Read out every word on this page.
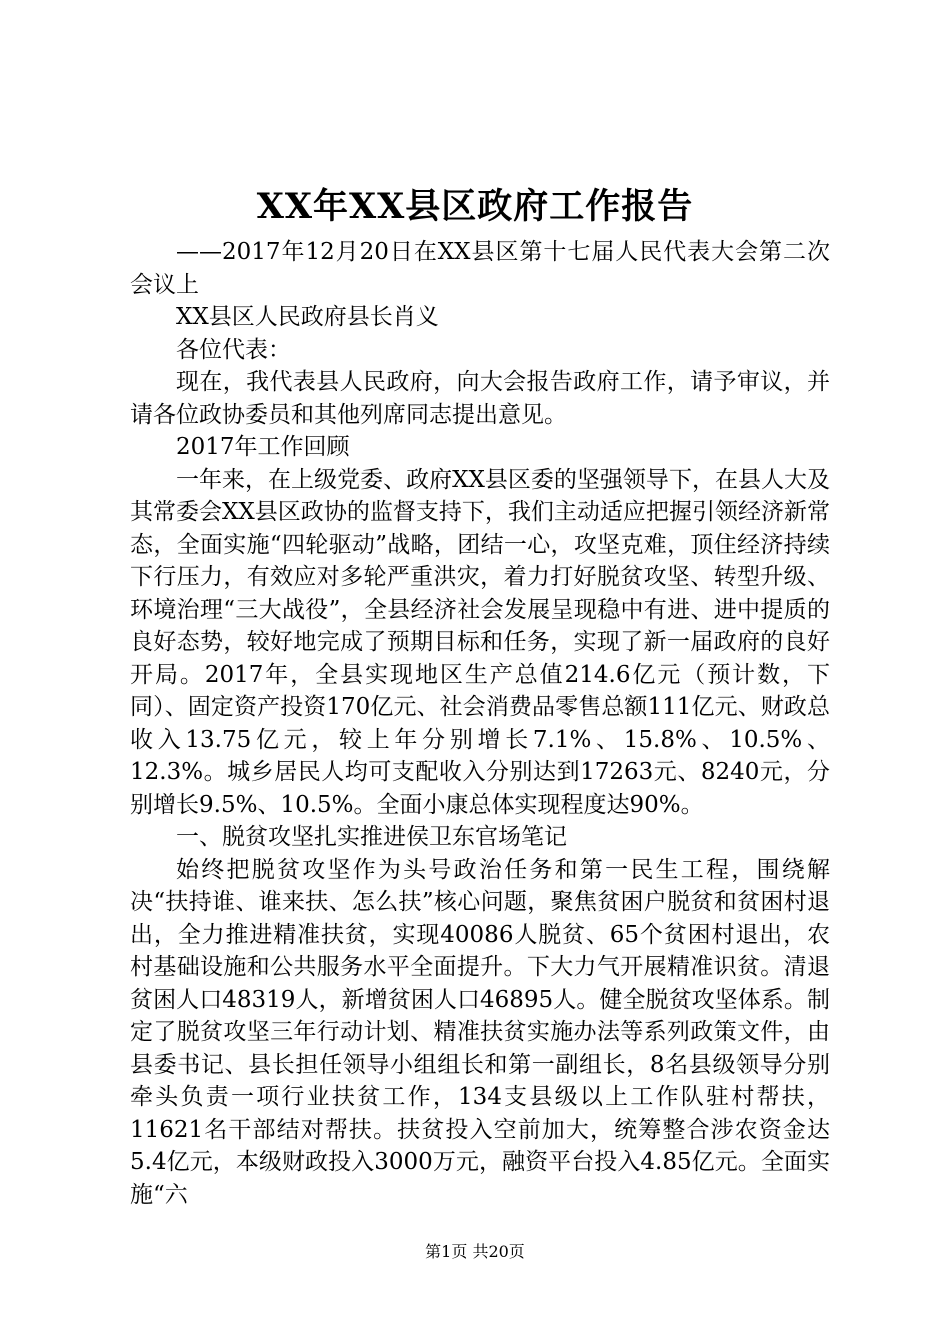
XX年XX县区政府工作报告

——2017年12月20日在XX县区第十七届人民代表大会第二次会议上

XX县区人民政府县长肖义

各位代表：

现在，我代表县人民政府，向大会报告政府工作，请予审议，并请各位政协委员和其他列席同志提出意见。

2017年工作回顾

一年来，在上级党委、政府XX县区委的坚强领导下，在县人大及其常委会XX县区政协的监督支持下，我们主动适应把握引领经济新常态，全面实施“四轮驱动”战略，团结一心，攻坚克难，顶住经济持续下行压力，有效应对多轮严重洪灾，着力打好脱贫攻坚、转型升级、环境治理“三大战役”，全县经济社会发展呈现稳中有进、进中提质的良好态势，较好地完成了预期目标和任务，实现了新一届政府的良好开局。2017年，全县实现地区生产总值214.6亿元（预计数，下同）、固定资产投资170亿元、社会消费品零售总额111亿元、财政总收入13.75亿元，较上年分别增长7.1%、15.8%、10.5%、12.3%。城乡居民人均可支配收入分别达到17263元、8240元，分别增长9.5%、10.5%。全面小康总体实现程度达90%。

一、脱贫攻坚扎实推进侯卫东官场笔记

始终把脱贫攻坚作为头号政治任务和第一民生工程，围绕解决“扶持谁、谁来扶、怎么扶”核心问题，聚焦贫困户脱贫和贫困村退出，全力推进精准扶贫，实现40086人脱贫、65个贫困村退出，农村基础设施和公共服务水平全面提升。下大力气开展精准识贫。清退贫困人口48319人，新增贫困人口46895人。健全脱贫攻坚体系。制定了脱贫攻坚三年行动计划、精准扶贫实施办法等系列政策文件，由县委书记、县长担任领导小组组长和第一副组长，8名县级领导分别牵头负责一项行业扶贫工作，134支县级以上工作队驻村帮扶，11621名干部结对帮扶。扶贫投入空前加大，统筹整合涉农资金达5.4亿元，本级财政投入3000万元，融资平台投入4.85亿元。全面实施“六

第1页 共20页
